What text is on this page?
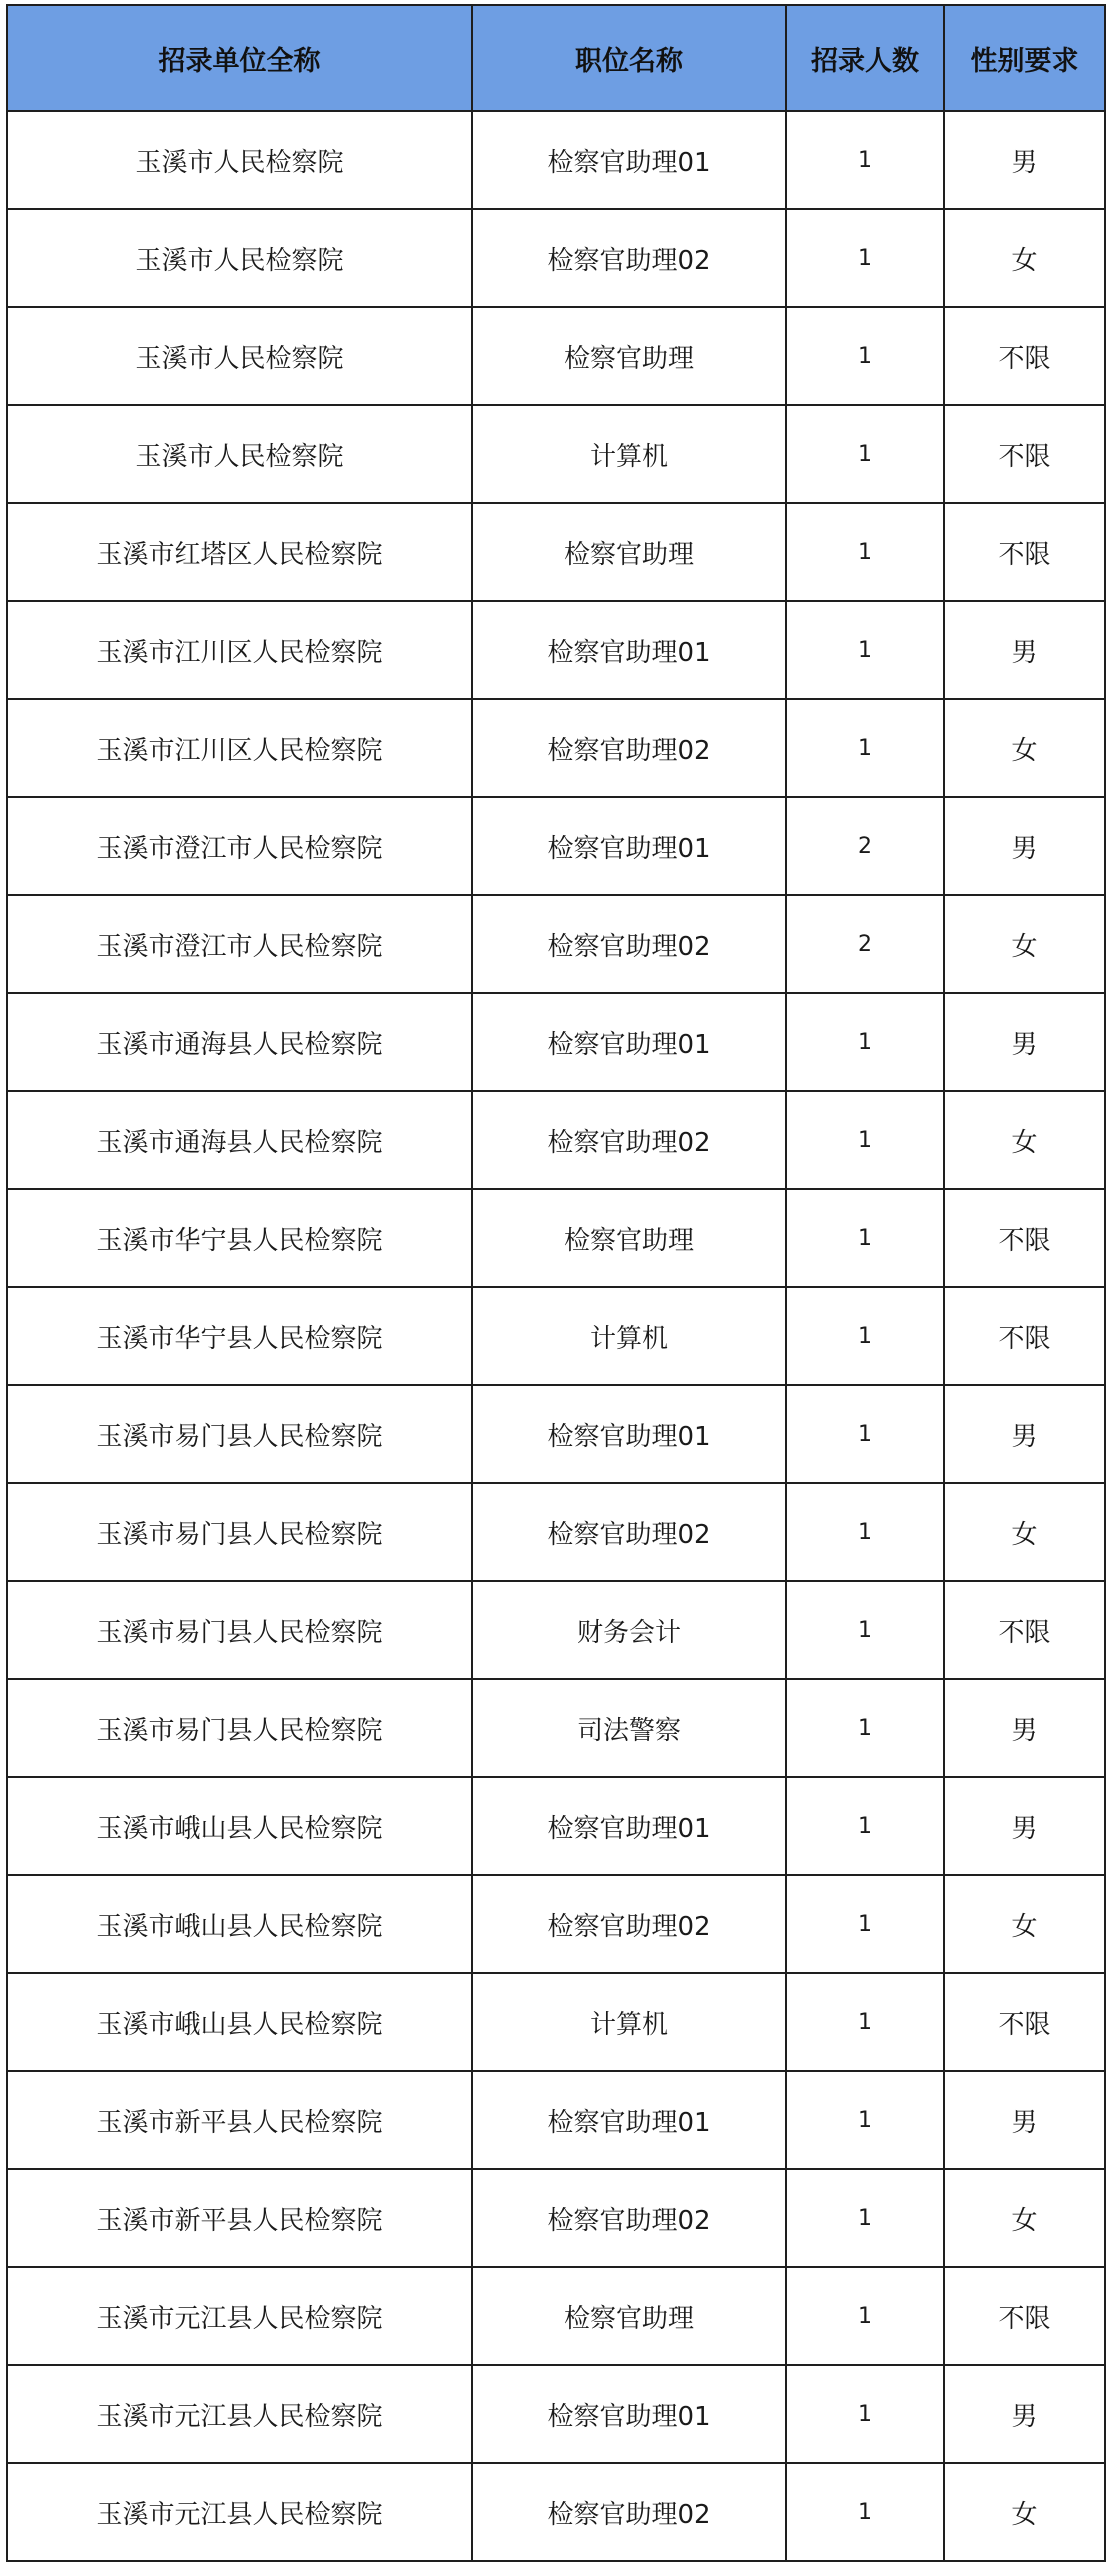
招录单位全称	职位名称	招录人数	性别要求
玉溪市人民检察院	检察官助理01	1	男
玉溪市人民检察院	检察官助理02	1	女
玉溪市人民检察院	检察官助理	1	不限
玉溪市人民检察院	计算机	1	不限
玉溪市红塔区人民检察院	检察官助理	1	不限
玉溪市江川区人民检察院	检察官助理01	1	男
玉溪市江川区人民检察院	检察官助理02	1	女
玉溪市澄江市人民检察院	检察官助理01	2	男
玉溪市澄江市人民检察院	检察官助理02	2	女
玉溪市通海县人民检察院	检察官助理01	1	男
玉溪市通海县人民检察院	检察官助理02	1	女
玉溪市华宁县人民检察院	检察官助理	1	不限
玉溪市华宁县人民检察院	计算机	1	不限
玉溪市易门县人民检察院	检察官助理01	1	男
玉溪市易门县人民检察院	检察官助理02	1	女
玉溪市易门县人民检察院	财务会计	1	不限
玉溪市易门县人民检察院	司法警察	1	男
玉溪市峨山县人民检察院	检察官助理01	1	男
玉溪市峨山县人民检察院	检察官助理02	1	女
玉溪市峨山县人民检察院	计算机	1	不限
玉溪市新平县人民检察院	检察官助理01	1	男
玉溪市新平县人民检察院	检察官助理02	1	女
玉溪市元江县人民检察院	检察官助理	1	不限
玉溪市元江县人民检察院	检察官助理01	1	男
玉溪市元江县人民检察院	检察官助理02	1	女
